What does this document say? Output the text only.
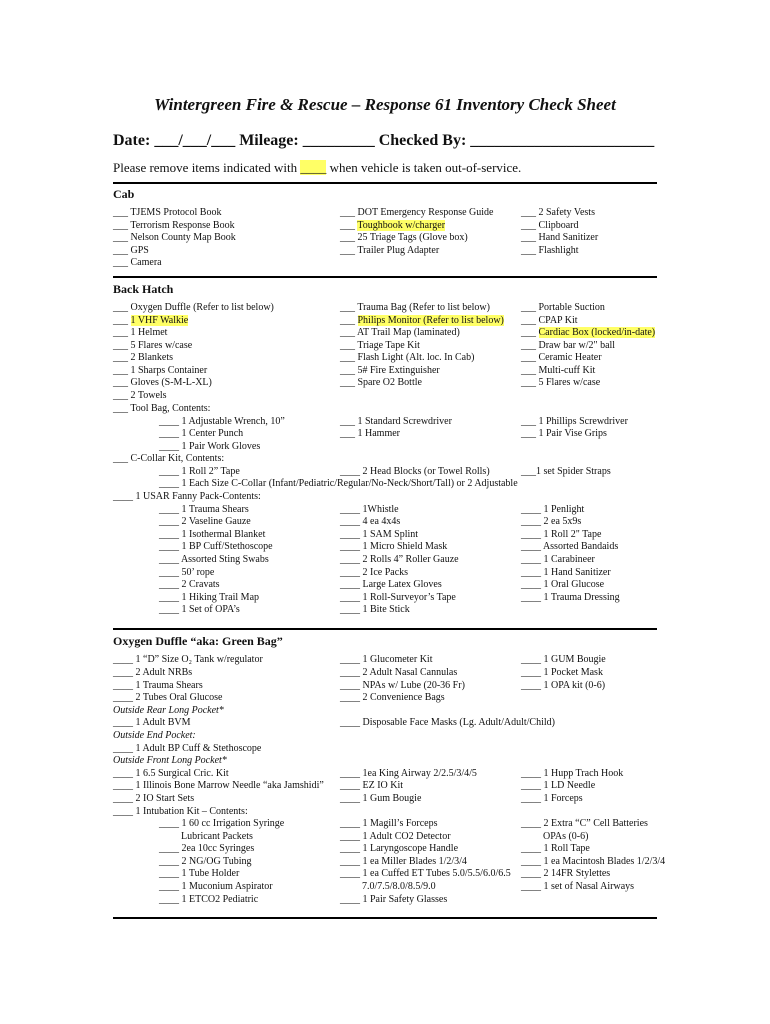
Wintergreen Fire & Rescue – Response 61 Inventory Check Sheet
Date: ___/___/___ Mileage: _________ Checked By: _______________________
Please remove items indicated with ____ when vehicle is taken out-of-service.
Cab
Back Hatch
Oxygen Duffle “aka: Green Bag”
___ TJEMS Protocol Book
___ Terrorism Response Book
___ Nelson County Map Book
___ GPS
___ Camera
___ DOT Emergency Response Guide
___ Toughbook w/charger
___ 25 Triage Tags (Glove box)
___ Trailer Plug Adapter
___ 2 Safety Vests
___ Clipboard
___ Hand Sanitizer
___ Flashlight
___ Oxygen Duffle (Refer to list below)
___ 1 VHF Walkie
___ 1 Helmet
___ 5 Flares w/case
___ 2 Blankets
___ 1 Sharps Container
___ Gloves (S-M-L-XL)
___ 2 Towels
___ Tool Bag, Contents:
___ Trauma Bag (Refer to list below)
___ Philips Monitor (Refer to list below)
___ AT Trail Map (laminated)
___ Triage Tape Kit
___ Flash Light (Alt. loc. In Cab)
___ 5# Fire Extinguisher
___ Spare O2 Bottle
___ Portable Suction
___ CPAP Kit
___ Cardiac Box (locked/in-date)
___ Draw bar w/2" ball
___ Ceramic Heater
___ Multi-cuff Kit
___ 5 Flares w/case
____ 1 Adjustable Wrench, 10”
____ 1 Center Punch
____ 1 Pair Work Gloves
___ 1 Standard Screwdriver
___ 1 Hammer
___ 1 Phillips Screwdriver
___ 1 Pair Vise Grips
___ C-Collar Kit, Contents:
____ 1 Roll 2” Tape	____ 2 Head Blocks (or Towel Rolls)	___1 set Spider Straps
____ 1 Each Size C-Collar (Infant/Pediatric/Regular/No-Neck/Short/Tall) or 2 Adjustable
____ 1 USAR Fanny Pack-Contents:
____ 1 Trauma Shears
____ 2 Vaseline Gauze
____ 1 Isothermal Blanket
____ 1 BP Cuff/Stethoscope
____ Assorted Sting Swabs
____ 50’ rope
____ 2 Cravats
____ 1 Hiking Trail Map
____ 1 Set of OPA’s
____ 1Whistle
____ 4 ea 4x4s
____ 1 SAM Splint
____ 1 Micro Shield Mask
____ 2 Rolls 4” Roller Gauze
____ 2 Ice Packs
____ Large Latex Gloves
____ 1 Roll-Surveyor’s Tape
____ 1 Bite Stick
____ 1 Penlight
____ 2 ea 5x9s
____ 1 Roll 2" Tape
____ Assorted Bandaids
____ 1 Carabineer
____ 1 Hand Sanitizer
____ 1 Oral Glucose
____ 1 Trauma Dressing
____ 1 “D” Size O₂ Tank w/regulator
____ 2 Adult NRBs
____ 1 Trauma Shears
____ 2 Tubes Oral Glucose
Outside Rear Long Pocket*
____ 1 Adult BVM
Outside End Pocket:
____ 1 Adult BP Cuff & Stethoscope
Outside Front Long Pocket*
____ 1 6.5 Surgical Cric. Kit
____ 1 Illinois Bone Marrow Needle “aka Jamshidi”
____ 2 IO Start Sets
____ 1 Intubation Kit – Contents:
____ 1 Glucometer Kit
____ 2 Adult Nasal Cannulas
____ NPAs w/ Lube (20-36 Fr)
____ 2 Convenience Bags
____ Disposable Face Masks (Lg. Adult/Adult/Child)
____ 1ea King Airway 2/2.5/3/4/5
____ EZ IO Kit
____ 1 Gum Bougie
____ 1 GUM Bougie
____ 1 Pocket Mask
____ 1 OPA kit (0-6)
____ 1 Hupp Trach Hook
____ 1 LD Needle
____ 1 Forceps
____ 1 60 cc Irrigation Syringe
Lubricant Packets
____ 2ea 10cc Syringes
____ 2 NG/OG Tubing
____ 1 Tube Holder
____ 1 Muconium Aspirator
____ 1 ETCO2 Pediatric
____ 1 Magill’s Forceps
____ 1 Adult CO2 Detector
____ 1 Laryngoscope Handle
____ 1 ea Miller Blades 1/2/3/4
____ 1 ea Cuffed ET Tubes 5.0/5.5/6.0/6.5
7.0/7.5/8.0/8.5/9.0
____ 1 Pair Safety Glasses
____ 2 Extra “C” Cell Batteries
OPAs (0-6)
____ 1 Roll Tape
____ 1 ea Macintosh Blades 1/2/3/4
____ 2 14FR Stylettes
____ 1 set of Nasal Airways
